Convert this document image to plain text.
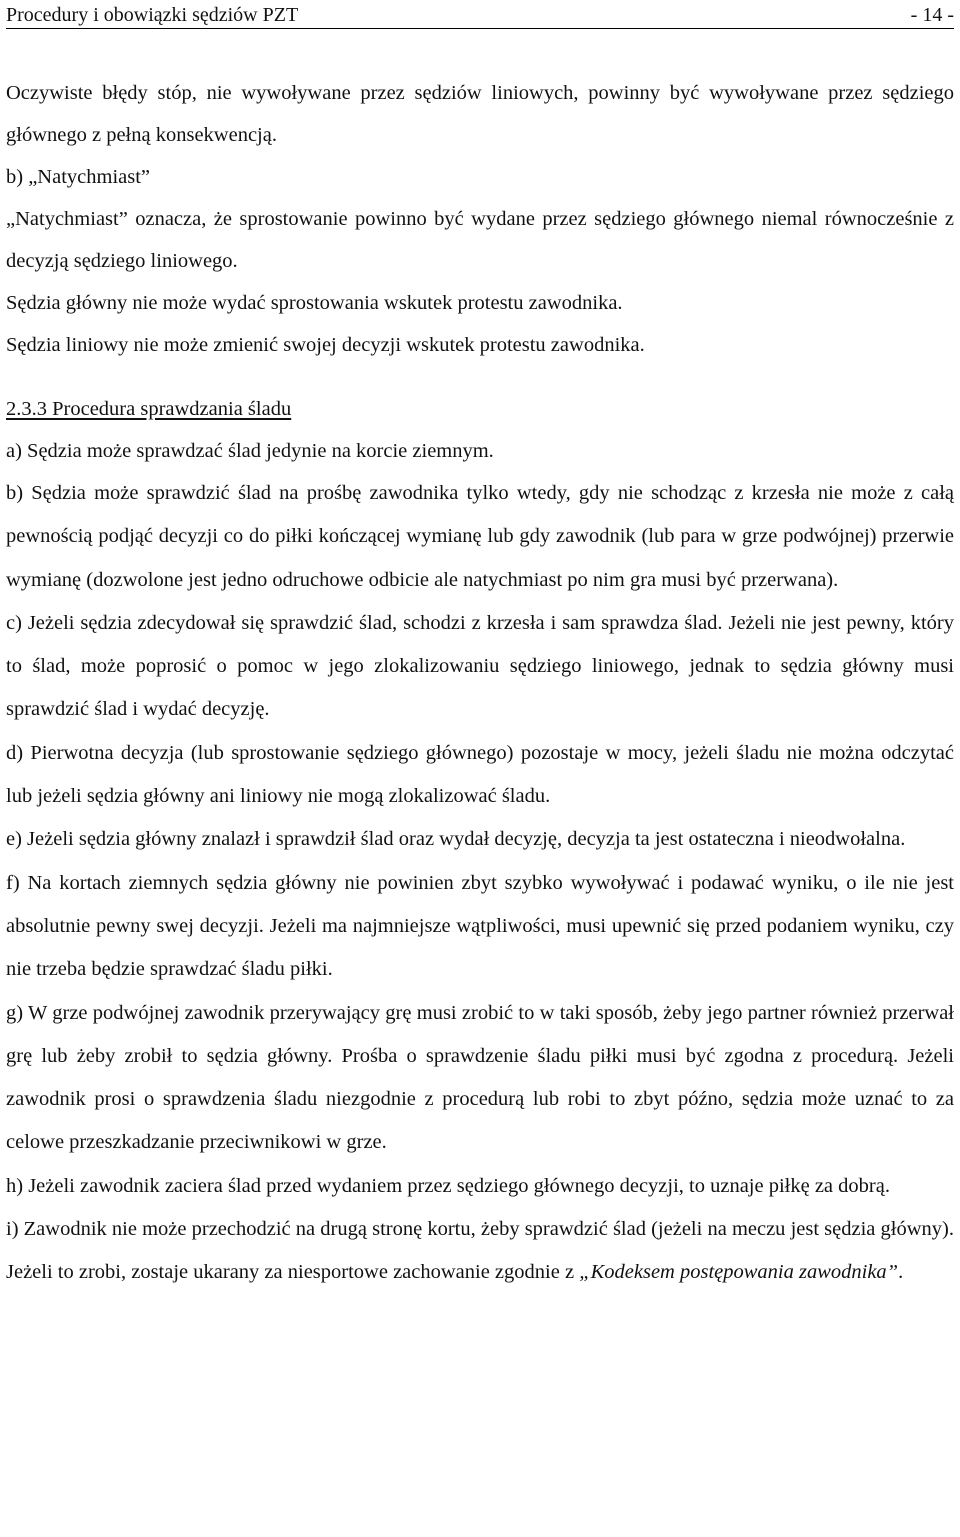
Procedury i obowiązki sędziów PZT	- 14 -

Oczywiste błędy stóp, nie wywoływane przez sędziów liniowych, powinny być wywoływane przez sędziego głównego z pełną konsekwencją.

b) „Natychmiast”

„Natychmiast” oznacza, że sprostowanie powinno być wydane przez sędziego głównego niemal równocześnie z decyzją sędziego liniowego.

Sędzia główny nie może wydać sprostowania wskutek protestu zawodnika.

Sędzia liniowy nie może zmienić swojej decyzji wskutek protestu zawodnika.

2.3.3 Procedura sprawdzania śladu

a) Sędzia może sprawdzać ślad jedynie na korcie ziemnym.

b) Sędzia może sprawdzić ślad na prośbę zawodnika tylko wtedy, gdy nie schodząc z krzesła nie może z całą pewnością podjąć decyzji co do piłki kończącej wymianę lub gdy zawodnik (lub para w grze podwójnej) przerwie wymianę (dozwolone jest jedno odruchowe odbicie ale natychmiast po nim gra musi być przerwana).

c) Jeżeli sędzia zdecydował się sprawdzić ślad, schodzi z krzesła i sam sprawdza ślad. Jeżeli nie jest pewny, który to ślad, może poprosić o pomoc w jego zlokalizowaniu sędziego liniowego, jednak to sędzia główny musi sprawdzić ślad i wydać decyzję.

d) Pierwotna decyzja (lub sprostowanie sędziego głównego) pozostaje w mocy, jeżeli śladu nie można odczytać lub jeżeli sędzia główny ani liniowy nie mogą zlokalizować śladu.

e) Jeżeli sędzia główny znalazł i sprawdził ślad oraz wydał decyzję, decyzja ta jest ostateczna i nieodwołalna.

f) Na kortach ziemnych sędzia główny nie powinien zbyt szybko wywoływać i podawać wyniku, o ile nie jest absolutnie pewny swej decyzji. Jeżeli ma najmniejsze wątpliwości, musi upewnić się przed podaniem wyniku, czy nie trzeba będzie sprawdzać śladu piłki.

g) W grze podwójnej zawodnik przerywający grę musi zrobić to w taki sposób, żeby jego partner również przerwał grę lub żeby zrobił to sędzia główny. Prośba o sprawdzenie śladu piłki musi być zgodna z procedurą. Jeżeli zawodnik prosi o sprawdzenia śladu niezgodnie z procedurą lub robi to zbyt późno, sędzia może uznać to za celowe przeszkadzanie przeciwnikowi w grze.

h) Jeżeli zawodnik zaciera ślad przed wydaniem przez sędziego głównego decyzji, to uznaje piłkę za dobrą.

i) Zawodnik nie może przechodzić na drugą stronę kortu, żeby sprawdzić ślad (jeżeli na meczu jest sędzia główny). Jeżeli to zrobi, zostaje ukarany za niesportowe zachowanie zgodnie z „Kodeksem postępowania zawodnika”.
